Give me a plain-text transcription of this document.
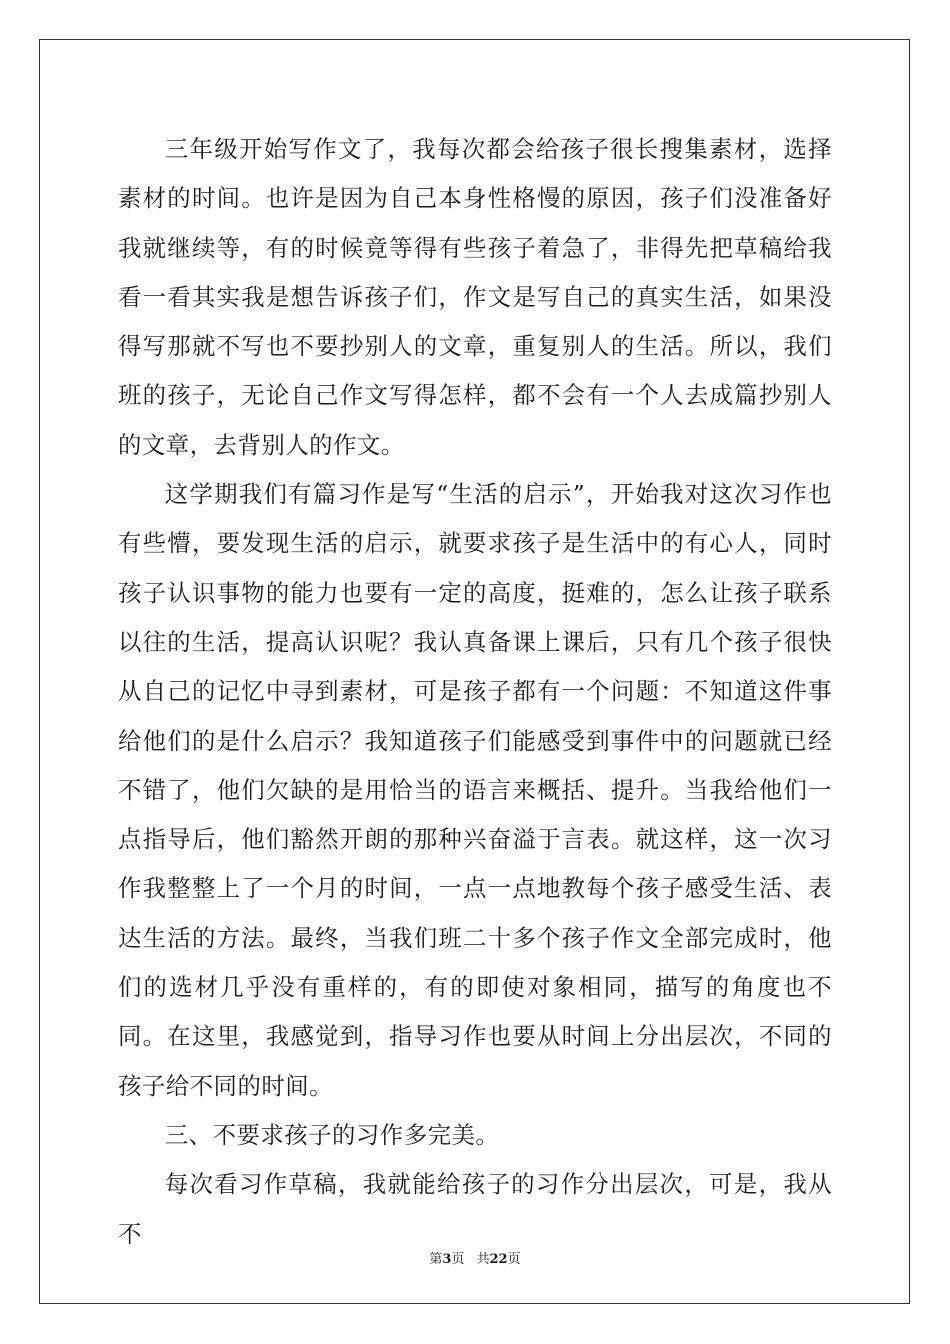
三年级开始写作文了，我每次都会给孩子很长搜集素材，选择素材的时间。也许是因为自己本身性格慢的原因，孩子们没准备好我就继续等，有的时候竟等得有些孩子着急了，非得先把草稿给我看一看其实我是想告诉孩子们，作文是写自己的真实生活，如果没得写那就不写也不要抄别人的文章，重复别人的生活。所以，我们班的孩子，无论自己作文写得怎样，都不会有一个人去成篇抄别人的文章，去背别人的作文。

这学期我们有篇习作是写“生活的启示”，开始我对这次习作也有些懵，要发现生活的启示，就要求孩子是生活中的有心人，同时孩子认识事物的能力也要有一定的高度，挺难的，怎么让孩子联系以往的生活，提高认识呢？我认真备课上课后，只有几个孩子很快从自己的记忆中寻到素材，可是孩子都有一个问题：不知道这件事给他们的是什么启示？我知道孩子们能感受到事件中的问题就已经不错了，他们欠缺的是用恰当的语言来概括、提升。当我给他们一点指导后，他们豁然开朗的那种兴奋溢于言表。就这样，这一次习作我整整上了一个月的时间，一点一点地教每个孩子感受生活、表达生活的方法。最终，当我们班二十多个孩子作文全部完成时，他们的选材几乎没有重样的，有的即使对象相同，描写的角度也不同。在这里，我感觉到，指导习作也要从时间上分出层次，不同的孩子给不同的时间。

三、不要求孩子的习作多完美。

每次看习作草稿，我就能给孩子的习作分出层次，可是，我从不

第3页 共22页
